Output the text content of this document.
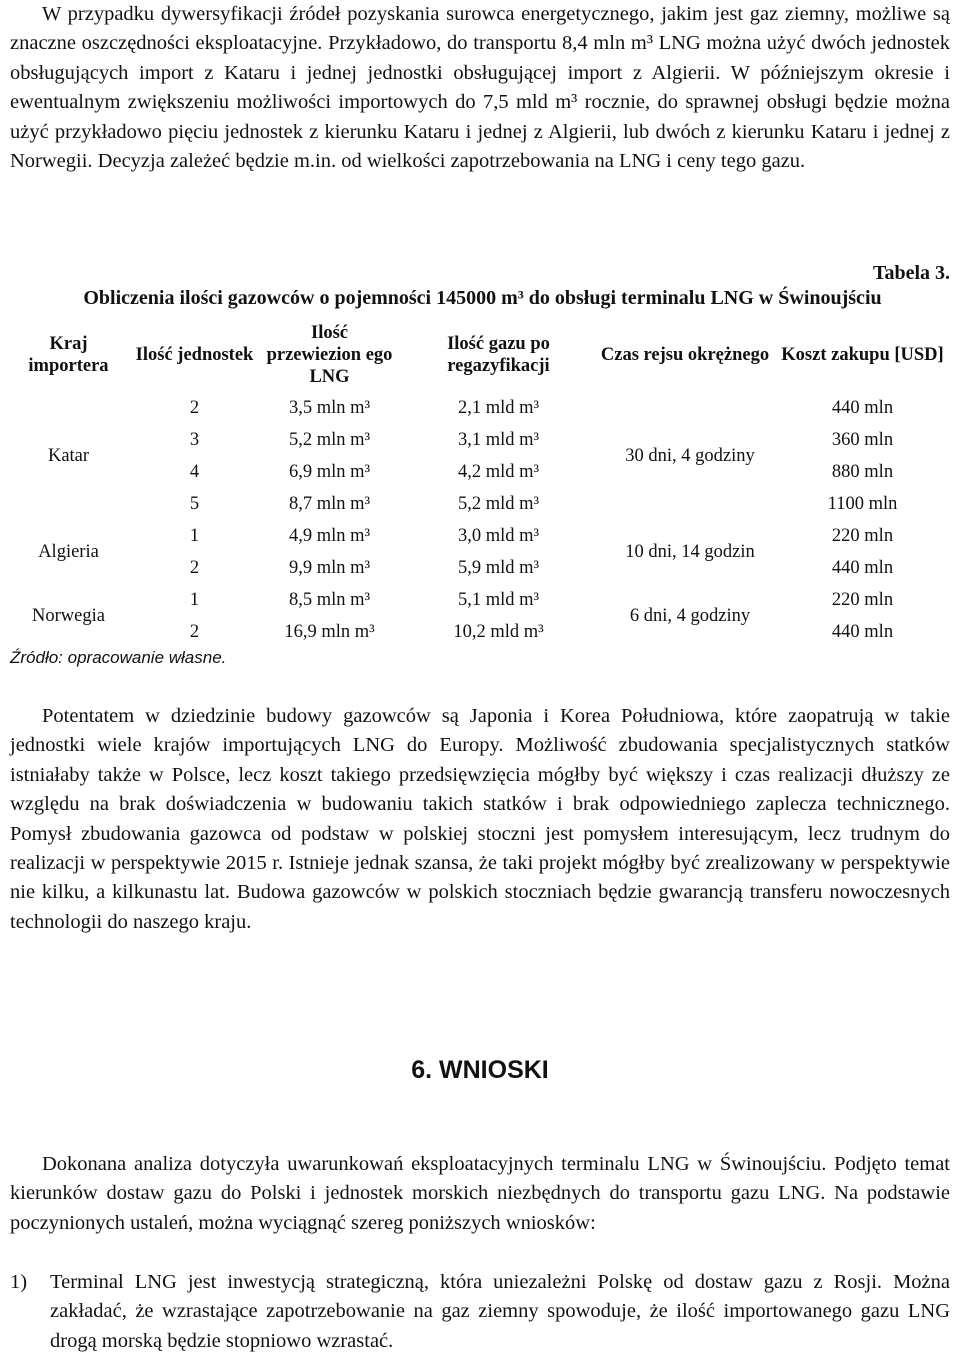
W przypadku dywersyfikacji źródeł pozyskania surowca energetycznego, jakim jest gaz ziemny, możliwe są znaczne oszczędności eksploatacyjne. Przykładowo, do transportu 8,4 mln m³ LNG można użyć dwóch jednostek obsługujących import z Kataru i jednej jednostki obsługującej import z Algierii. W późniejszym okresie i ewentualnym zwiększeniu możliwości importowych do 7,5 mld m³ rocznie, do sprawnej obsługi będzie można użyć przykładowo pięciu jednostek z kierunku Kataru i jednej z Algierii, lub dwóch z kierunku Kataru i jednej z Norwegii. Decyzja zależeć będzie m.in. od wielkości zapotrzebowania na LNG i ceny tego gazu.

Tabela 3.
Obliczenia ilości gazowców o pojemności 145000 m³ do obsługi terminalu LNG w Świnoujściu
Kraj importera	Ilość jednostek	Ilość przewiezion ego LNG	Ilość gazu po regazyfikacji	Czas rejsu okrężnego	Koszt zakupu [USD]
Katar	2	3,5 mln m³	2,1 mld m³	30 dni, 4 godziny	440 mln
	3	5,2 mln m³	3,1 mld m³		360 mln
	4	6,9 mln m³	4,2 mld m³		880 mln
	5	8,7 mln m³	5,2 mld m³		1100 mln
Algieria	1	4,9 mln m³	3,0 mld m³	10 dni, 14 godzin	220 mln
	2	9,9 mln m³	5,9 mld m³		440 mln
Norwegia	1	8,5 mln m³	5,1 mld m³	6 dni, 4 godziny	220 mln
	2	16,9 mln m³	10,2 mld m³		440 mln
Źródło: opracowanie własne.

Potentatem w dziedzinie budowy gazowców są Japonia i Korea Południowa, które zaopatrują w takie jednostki wiele krajów importujących LNG do Europy. Możliwość zbudowania specjalistycznych statków istniałaby także w Polsce, lecz koszt takiego przedsięwzięcia mógłby być większy i czas realizacji dłuższy ze względu na brak doświadczenia w budowaniu takich statków i brak odpowiedniego zaplecza technicznego. Pomysł zbudowania gazowca od podstaw w polskiej stoczni jest pomysłem interesującym, lecz trudnym do realizacji w perspektywie 2015 r. Istnieje jednak szansa, że taki projekt mógłby być zrealizowany w perspektywie nie kilku, a kilkunastu lat. Budowa gazowców w polskich stoczniach będzie gwarancją transferu nowoczesnych technologii do naszego kraju.

6. WNIOSKI

Dokonana analiza dotyczyła uwarunkowań eksploatacyjnych terminalu LNG w Świnoujściu. Podjęto temat kierunków dostaw gazu do Polski i jednostek morskich niezbędnych do transportu gazu LNG. Na podstawie poczynionych ustaleń, można wyciągnąć szereg poniższych wniosków:

1) Terminal LNG jest inwestycją strategiczną, która uniezależni Polskę od dostaw gazu z Rosji. Można zakładać, że wzrastające zapotrzebowanie na gaz ziemny spowoduje, że ilość importowanego gazu LNG drogą morską będzie stopniowo wzrastać.
